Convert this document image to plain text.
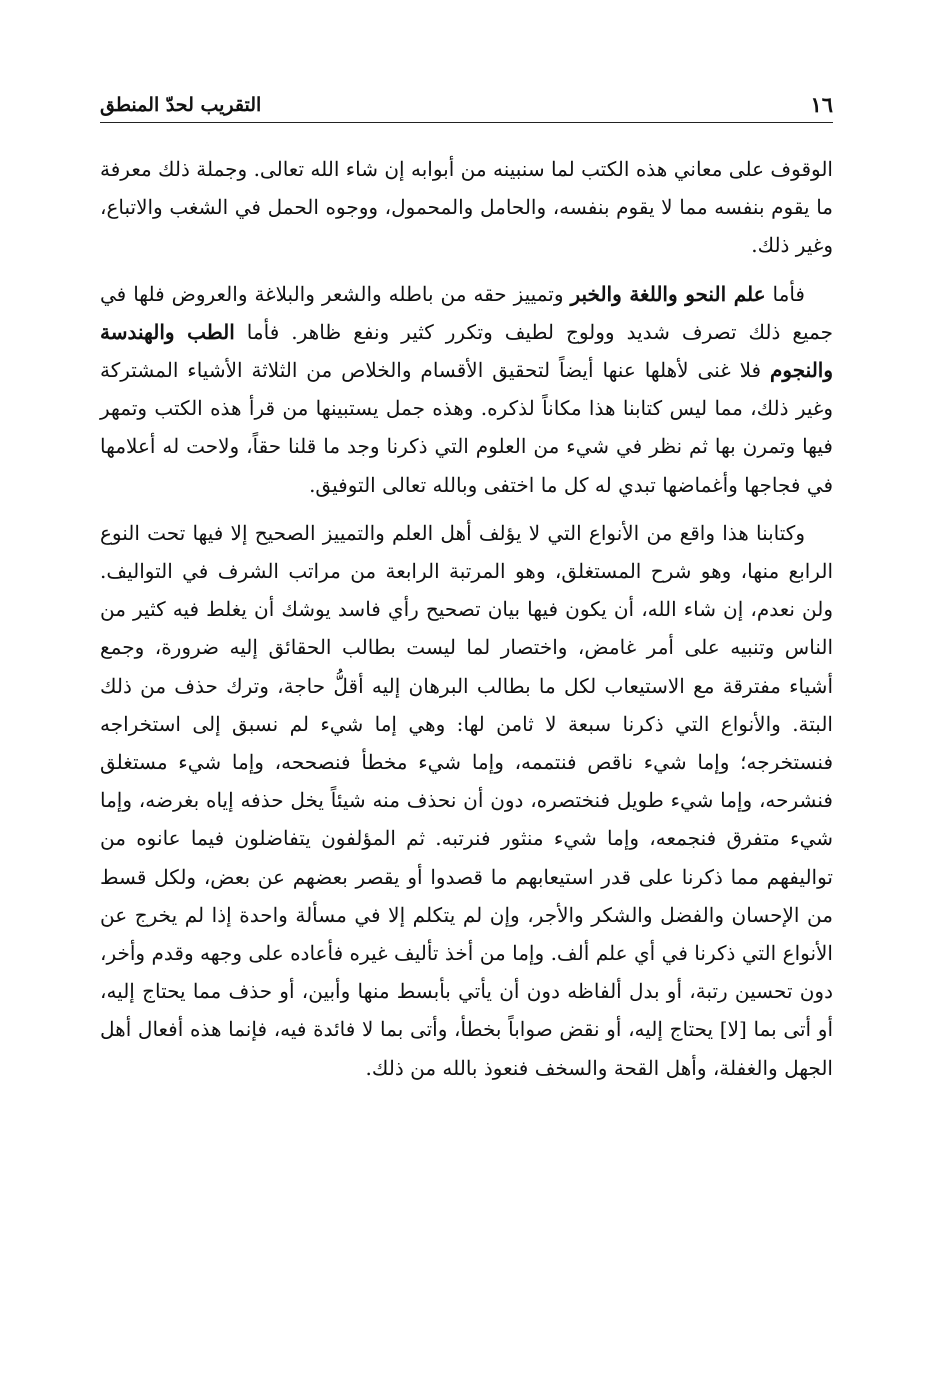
١٦
التقريب لحدّ المنطق

الوقوف على معاني هذه الكتب لما سنبينه من أبوابه إن شاء الله تعالى. وجملة ذلك معرفة ما يقوم بنفسه مما لا يقوم بنفسه، والحامل والمحمول، ووجوه الحمل في الشغب والاتباع، وغير ذلك.

فأما علم النحو واللغة والخبر وتمييز حقه من باطله والشعر والبلاغة والعروض فلها في جميع ذلك تصرف شديد وولوج لطيف وتكرر كثير ونفع ظاهر. فأما الطب والهندسة والنجوم فلا غنى لأهلها عنها أيضاً لتحقيق الأقسام والخلاص من الثلاثة الأشياء المشتركة وغير ذلك، مما ليس كتابنا هذا مكاناً لذكره. وهذه جمل يستبينها من قرأ هذه الكتب وتمهر فيها وتمرن بها ثم نظر في شيء من العلوم التي ذكرنا وجد ما قلنا حقاً، ولاحت له أعلامها في فجاجها وأغماضها تبدي له كل ما اختفى وبالله تعالى التوفيق.

وكتابنا هذا واقع من الأنواع التي لا يؤلف أهل العلم والتمييز الصحيح إلا فيها تحت النوع الرابع منها، وهو شرح المستغلق، وهو المرتبة الرابعة من مراتب الشرف في التواليف. ولن نعدم، إن شاء الله، أن يكون فيها بيان تصحيح رأي فاسد يوشك أن يغلط فيه كثير من الناس وتنبيه على أمر غامض، واختصار لما ليست بطالب الحقائق إليه ضرورة، وجمع أشياء مفترقة مع الاستيعاب لكل ما بطالب البرهان إليه أقلُّ حاجة، وترك حذف من ذلك البتة. والأنواع التي ذكرنا سبعة لا ثامن لها: وهي إما شيء لم نسبق إلى استخراجه فنستخرجه؛ وإما شيء ناقص فنتممه، وإما شيء مخطأ فنصححه، وإما شيء مستغلق فنشرحه، وإما شيء طويل فنختصره، دون أن نحذف منه شيئاً يخل حذفه إياه بغرضه، وإما شيء متفرق فنجمعه، وإما شيء منثور فنرتبه. ثم المؤلفون يتفاضلون فيما عانوه من تواليفهم مما ذكرنا على قدر استيعابهم ما قصدوا أو يقصر بعضهم عن بعض، ولكل قسط من الإحسان والفضل والشكر والأجر، وإن لم يتكلم إلا في مسألة واحدة إذا لم يخرج عن الأنواع التي ذكرنا في أي علم ألف. وإما من أخذ تأليف غيره فأعاده على وجهه وقدم وأخر، دون تحسين رتبة، أو بدل ألفاظه دون أن يأتي بأبسط منها وأبين، أو حذف مما يحتاج إليه، أو أتى بما [لا] يحتاج إليه، أو نقض صواباً بخطأ، وأتى بما لا فائدة فيه، فإنما هذه أفعال أهل الجهل والغفلة، وأهل القحة والسخف فنعوذ بالله من ذلك.
